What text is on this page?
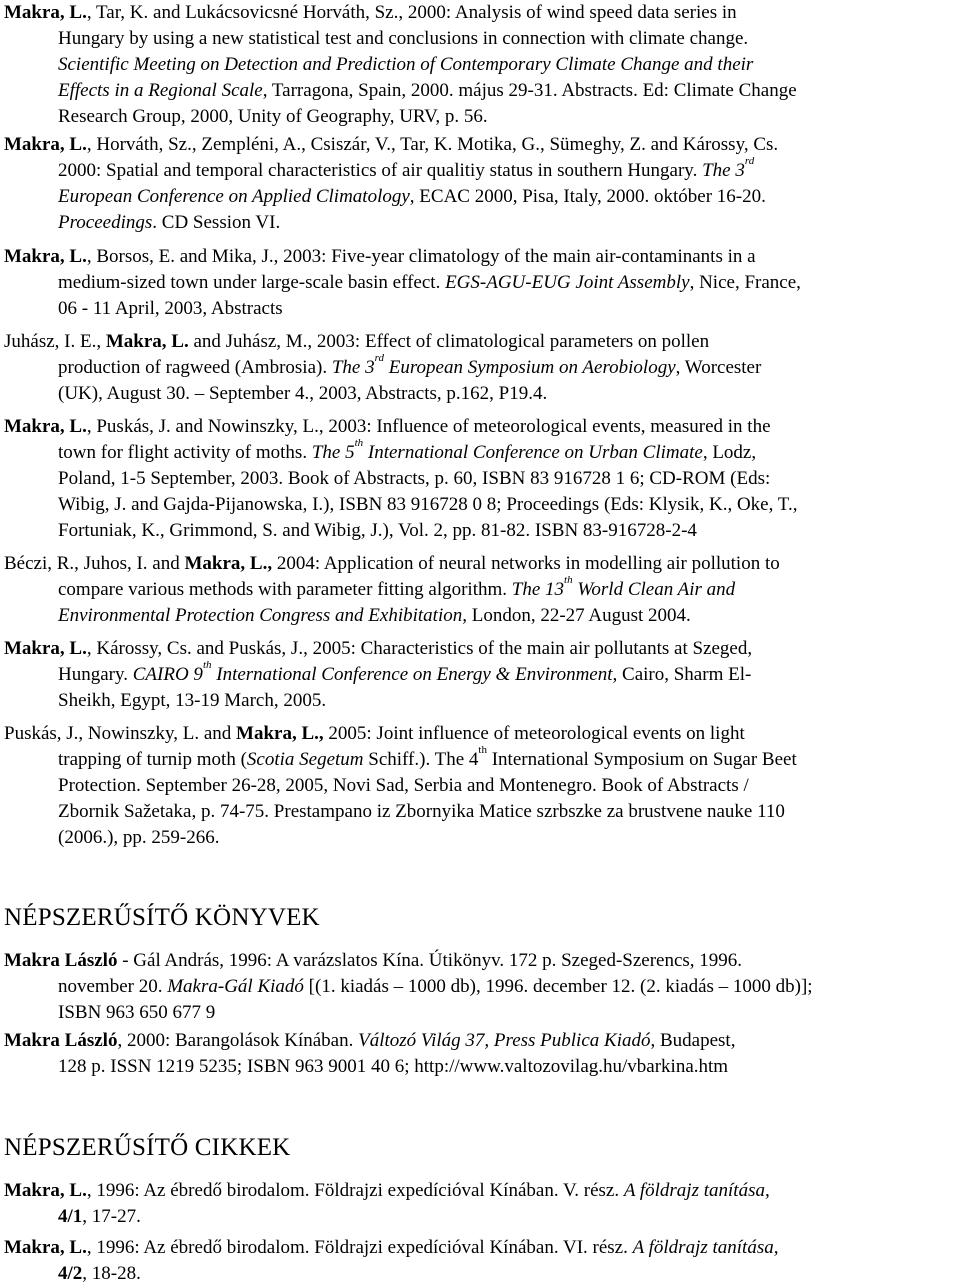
Makra, L., Tar, K. and Lukácsovicsné Horváth, Sz., 2000: Analysis of wind speed data series in
Hungary by using a new statistical test and conclusions in connection with climate change.
Scientific Meeting on Detection and Prediction of Contemporary Climate Change and their
Effects in a Regional Scale, Tarragona, Spain, 2000. május 29-31. Abstracts. Ed: Climate Change
Research Group, 2000, Unity of Geography, URV, p. 56.
Makra, L., Horváth, Sz., Zempléni, A., Csiszár, V., Tar, K. Motika, G., Sümeghy, Z. and Károssy, Cs.
2000: Spatial and temporal characteristics of air qualitiy status in southern Hungary. The 3rd
European Conference on Applied Climatology, ECAC 2000, Pisa, Italy, 2000. október 16-20.
Proceedings. CD Session VI.
Makra, L., Borsos, E. and Mika, J., 2003: Five-year climatology of the main air-contaminants in a
medium-sized town under large-scale basin effect. EGS-AGU-EUG Joint Assembly, Nice, France,
06 - 11 April, 2003, Abstracts
Juhász, I. E., Makra, L. and Juhász, M., 2003: Effect of climatological parameters on pollen
production of ragweed (Ambrosia). The 3rd European Symposium on Aerobiology, Worcester
(UK), August 30. – September 4., 2003, Abstracts, p.162, P19.4.
Makra, L., Puskás, J. and Nowinszky, L., 2003: Influence of meteorological events, measured in the
town for flight activity of moths. The 5th International Conference on Urban Climate, Lodz,
Poland, 1-5 September, 2003. Book of Abstracts, p. 60, ISBN 83 916728 1 6; CD-ROM (Eds:
Wibig, J. and Gajda-Pijanowska, I.), ISBN 83 916728 0 8; Proceedings (Eds: Klysik, K., Oke, T.,
Fortuniak, K., Grimmond, S. and Wibig, J.), Vol. 2, pp. 81-82. ISBN 83-916728-2-4
Béczi, R., Juhos, I. and Makra, L., 2004: Application of neural networks in modelling air pollution to
compare various methods with parameter fitting algorithm. The 13th World Clean Air and
Environmental Protection Congress and Exhibitation, London, 22-27 August 2004.
Makra, L., Károssy, Cs. and Puskás, J., 2005: Characteristics of the main air pollutants at Szeged,
Hungary. CAIRO 9th International Conference on Energy & Environment, Cairo, Sharm El-
Sheikh, Egypt, 13-19 March, 2005.
Puskás, J., Nowinszky, L. and Makra, L., 2005: Joint influence of meteorological events on light
trapping of turnip moth (Scotia Segetum Schiff.). The 4th International Symposium on Sugar Beet
Protection. September 26-28, 2005, Novi Sad, Serbia and Montenegro. Book of Abstracts /
Zbornik Sažetaka, p. 74-75. Prestampano iz Zbornyika Matice szrbszke za brustvene nauke 110
(2006.), pp. 259-266.
NÉPSZERŰSÍTŐ KÖNYVEK
Makra László - Gál András, 1996: A varázslatos Kína. Útikönyv. 172 p. Szeged-Szerencs, 1996.
november 20. Makra-Gál Kiadó [(1. kiadás – 1000 db), 1996. december 12. (2. kiadás – 1000 db)];
ISBN 963 650 677 9
Makra László, 2000: Barangolások Kínában. Változó Világ 37, Press Publica Kiadó, Budapest,
128 p. ISSN 1219 5235; ISBN 963 9001 40 6; http://www.valtozovilag.hu/vbarkina.htm
NÉPSZERŰSÍTŐ CIKKEK
Makra, L., 1996: Az ébredő birodalom. Földrajzi expedícióval Kínában. V. rész. A földrajz tanítása,
4/1, 17-27.
Makra, L., 1996: Az ébredő birodalom. Földrajzi expedícióval Kínában. VI. rész. A földrajz tanítása,
4/2, 18-28.
